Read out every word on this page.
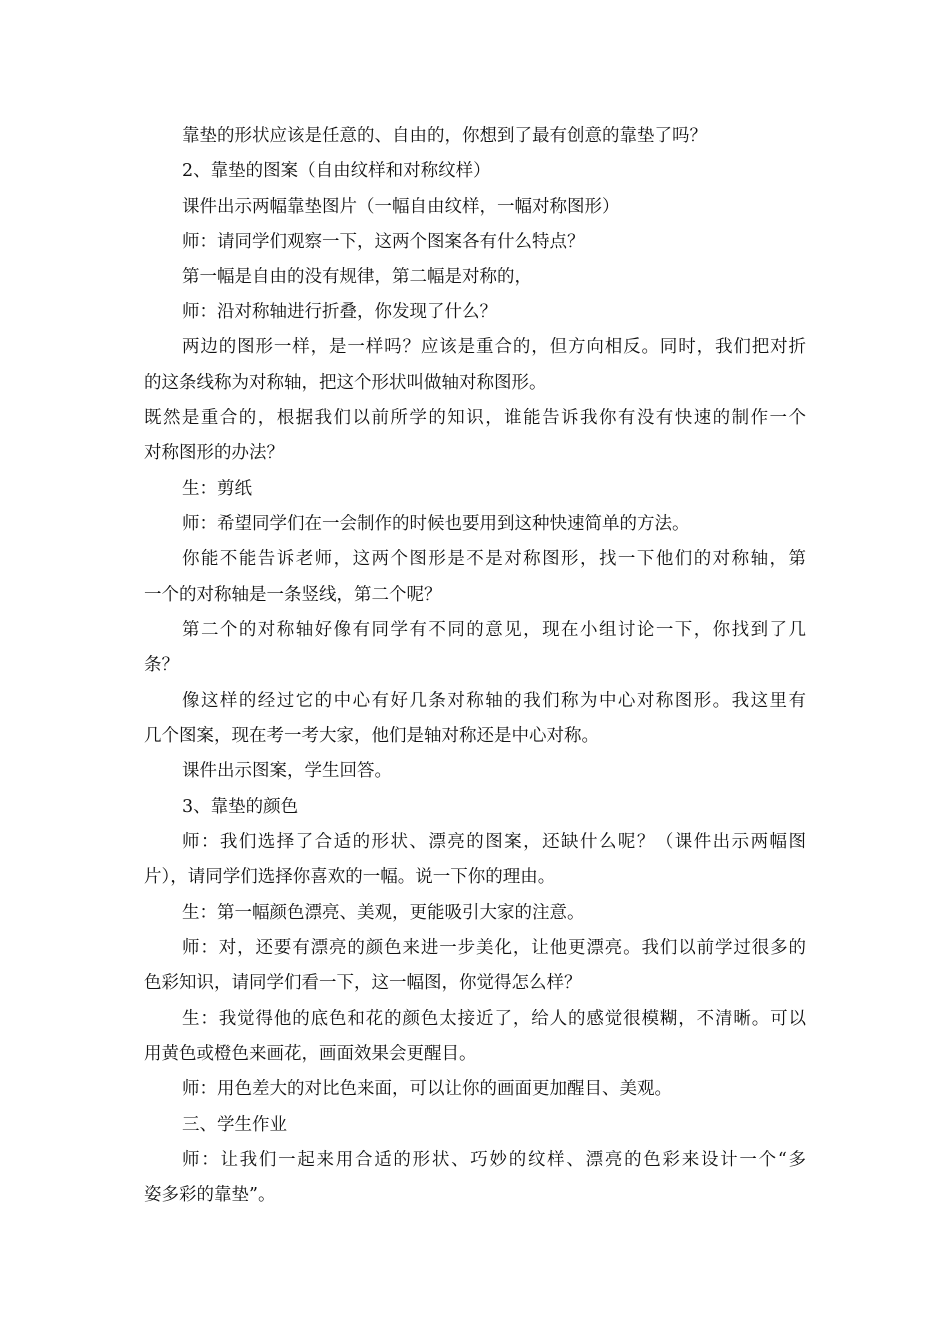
靠垫的形状应该是任意的、自由的，你想到了最有创意的靠垫了吗？
2、靠垫的图案（自由纹样和对称纹样）
课件出示两幅靠垫图片（一幅自由纹样，一幅对称图形）
师：请同学们观察一下，这两个图案各有什么特点？
第一幅是自由的没有规律，第二幅是对称的，
师：沿对称轴进行折叠，你发现了什么？
两边的图形一样，是一样吗？应该是重合的，但方向相反。同时，我们把对折
的这条线称为对称轴，把这个形状叫做轴对称图形。
既然是重合的，根据我们以前所学的知识，谁能告诉我你有没有快速的制作一个
对称图形的办法？
生：剪纸
师：希望同学们在一会制作的时候也要用到这种快速简单的方法。
你能不能告诉老师，这两个图形是不是对称图形，找一下他们的对称轴，第
一个的对称轴是一条竖线，第二个呢？
第二个的对称轴好像有同学有不同的意见，现在小组讨论一下，你找到了几
条？
像这样的经过它的中心有好几条对称轴的我们称为中心对称图形。我这里有
几个图案，现在考一考大家，他们是轴对称还是中心对称。
课件出示图案，学生回答。
3、靠垫的颜色
师：我们选择了合适的形状、漂亮的图案，还缺什么呢？（课件出示两幅图
片），请同学们选择你喜欢的一幅。说一下你的理由。
生：第一幅颜色漂亮、美观，更能吸引大家的注意。
师：对，还要有漂亮的颜色来进一步美化，让他更漂亮。我们以前学过很多的
色彩知识，请同学们看一下，这一幅图，你觉得怎么样？
生：我觉得他的底色和花的颜色太接近了，给人的感觉很模糊，不清晰。可以
用黄色或橙色来画花，画面效果会更醒目。
师：用色差大的对比色来面，可以让你的画面更加醒目、美观。
三、学生作业
师：让我们一起来用合适的形状、巧妙的纹样、漂亮的色彩来设计一个“多
姿多彩的靠垫”。
